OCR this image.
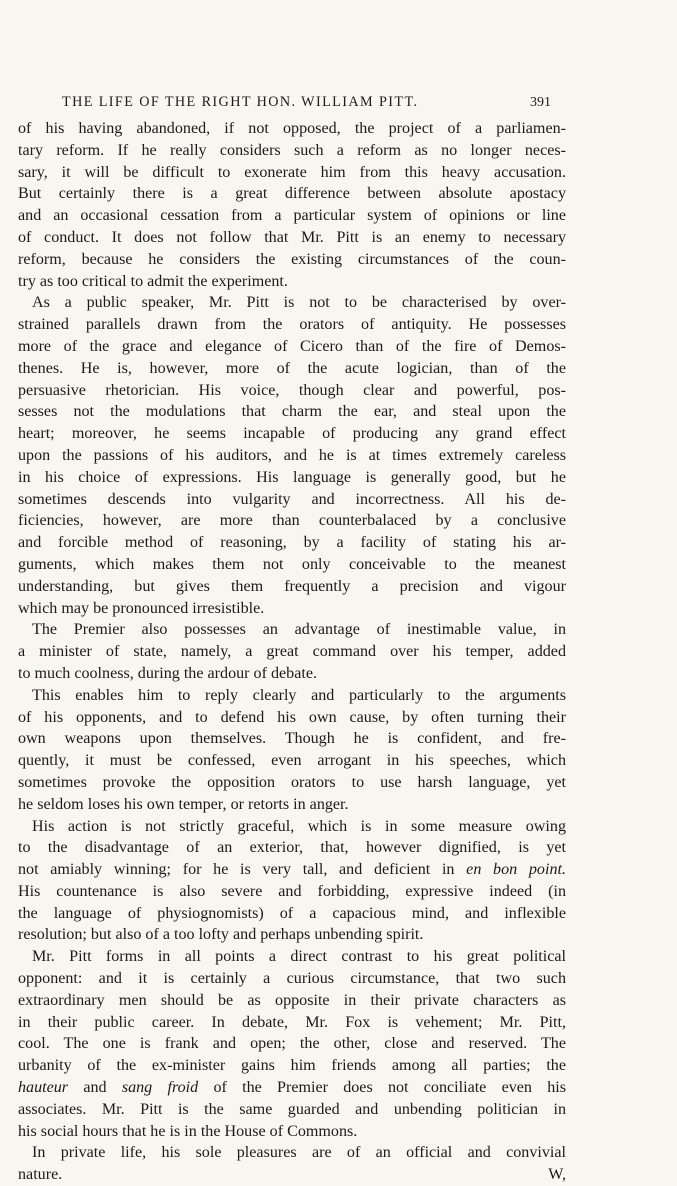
THE LIFE OF THE RIGHT HON. WILLIAM PITT.	391
of his having abandoned, if not opposed, the project of a parliamen-
tary reform. If he really considers such a reform as no longer neces-
sary, it will be difficult to exonerate him from this heavy accusation.
But certainly there is a great difference between absolute apostacy
and an occasional cessation from a particular system of opinions or line
of conduct. It does not follow that Mr. Pitt is an enemy to necessary
reform, because he considers the existing circumstances of the coun-
try as too critical to admit the experiment.
As a public speaker, Mr. Pitt is not to be characterised by over-
strained parallels drawn from the orators of antiquity. He possesses
more of the grace and elegance of Cicero than of the fire of Demos-
thenes. He is, however, more of the acute logician, than of the
persuasive rhetorician. His voice, though clear and powerful, pos-
sesses not the modulations that charm the ear, and steal upon the
heart; moreover, he seems incapable of producing any grand effect
upon the passions of his auditors, and he is at times extremely careless
in his choice of expressions. His language is generally good, but he
sometimes descends into vulgarity and incorrectness. All his de-
ficiencies, however, are more than counterbalaced by a conclusive
and forcible method of reasoning, by a facility of stating his ar-
guments, which makes them not only conceivable to the meanest
understanding, but gives them frequently a precision and vigour
which may be pronounced irresistible.
The Premier also possesses an advantage of inestimable value, in
a minister of state, namely, a great command over his temper, added
to much coolness, during the ardour of debate.
This enables him to reply clearly and particularly to the arguments
of his opponents, and to defend his own cause, by often turning their
own weapons upon themselves. Though he is confident, and fre-
quently, it must be confessed, even arrogant in his speeches, which
sometimes provoke the opposition orators to use harsh language, yet
he seldom loses his own temper, or retorts in anger.
His action is not strictly graceful, which is in some measure owing
to the disadvantage of an exterior, that, however dignified, is yet
not amiably winning; for he is very tall, and deficient in en bon point.
His countenance is also severe and forbidding, expressive indeed (in
the language of physiognomists) of a capacious mind, and inflexible
resolution; but also of a too lofty and perhaps unbending spirit.
Mr. Pitt forms in all points a direct contrast to his great political
opponent: and it is certainly a curious circumstance, that two such
extraordinary men should be as opposite in their private characters as
in their public career. In debate, Mr. Fox is vehement; Mr. Pitt,
cool. The one is frank and open; the other, close and reserved. The
urbanity of the ex-minister gains him friends among all parties; the
hauteur and sang froid of the Premier does not conciliate even his
associates. Mr. Pitt is the same guarded and unbending politician in
his social hours that he is in the House of Commons.
In private life, his sole pleasures are of an official and convivial
nature.	W,
